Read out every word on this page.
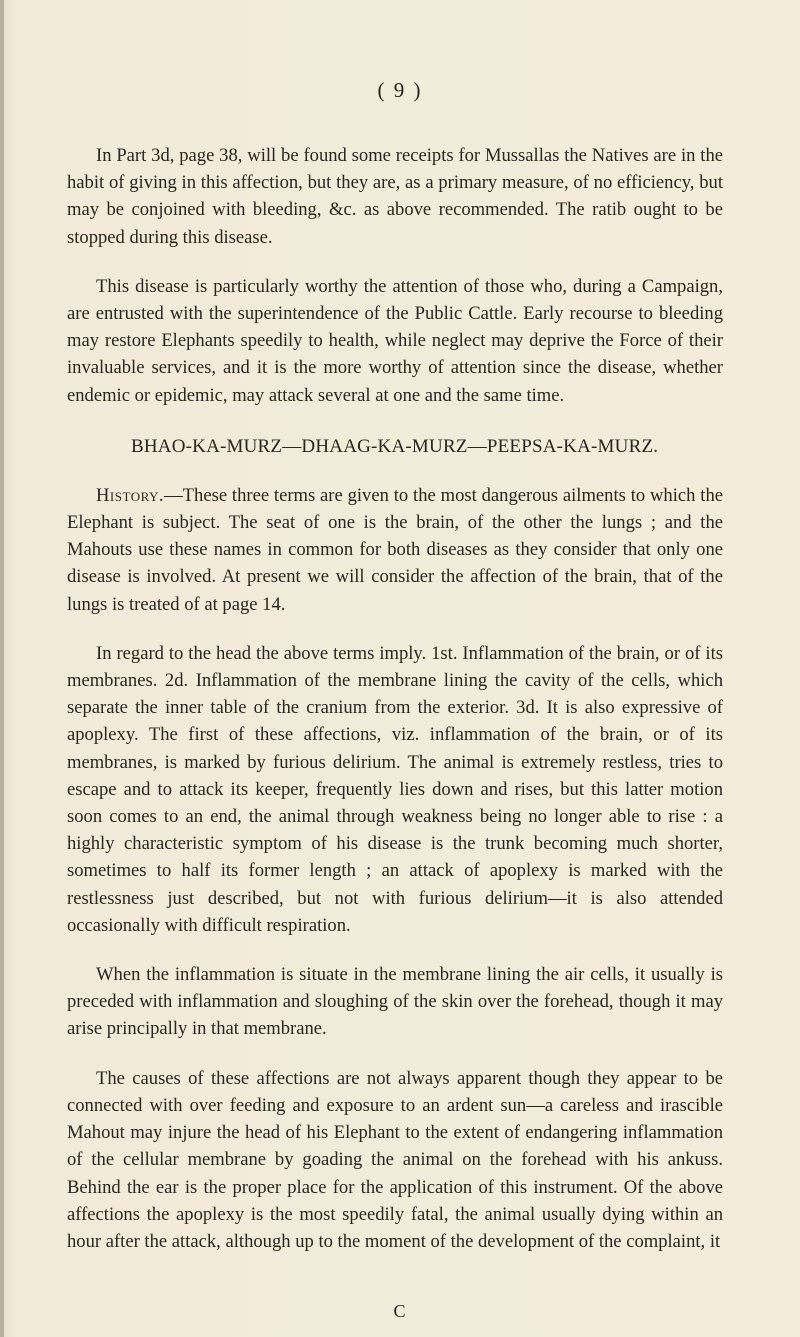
( 9 )

In Part 3d, page 38, will be found some receipts for Mussallas the Natives are in the habit of giving in this affection, but they are, as a primary measure, of no efficiency, but may be conjoined with bleeding, &c. as above recommended. The ratib ought to be stopped during this disease.

This disease is particularly worthy the attention of those who, during a Campaign, are entrusted with the superintendence of the Public Cattle. Early recourse to bleeding may restore Elephants speedily to health, while neglect may deprive the Force of their invaluable services, and it is the more worthy of attention since the disease, whether endemic or epidemic, may attack several at one and the same time.

BHAO-KA-MURZ—DHAAG-KA-MURZ—PEEPSA-KA-MURZ.

History.—These three terms are given to the most dangerous ailments to which the Elephant is subject. The seat of one is the brain, of the other the lungs ; and the Mahouts use these names in common for both diseases as they consider that only one disease is involved. At present we will consider the affection of the brain, that of the lungs is treated of at page 14.

In regard to the head the above terms imply. 1st. Inflammation of the brain, or of its membranes. 2d. Inflammation of the membrane lining the cavity of the cells, which separate the inner table of the cranium from the exterior. 3d. It is also expressive of apoplexy. The first of these affections, viz. inflammation of the brain, or of its membranes, is marked by furious delirium. The animal is extremely restless, tries to escape and to attack its keeper, frequently lies down and rises, but this latter motion soon comes to an end, the animal through weakness being no longer able to rise : a highly characteristic symptom of his disease is the trunk becoming much shorter, sometimes to half its former length ; an attack of apoplexy is marked with the restlessness just described, but not with furious delirium—it is also attended occasionally with difficult respiration.

When the inflammation is situate in the membrane lining the air cells, it usually is preceded with inflammation and sloughing of the skin over the forehead, though it may arise principally in that membrane.

The causes of these affections are not always apparent though they appear to be connected with over feeding and exposure to an ardent sun—a careless and irascible Mahout may injure the head of his Elephant to the extent of endangering inflammation of the cellular membrane by goading the animal on the forehead with his ankuss. Behind the ear is the proper place for the application of this instrument. Of the above affections the apoplexy is the most speedily fatal, the animal usually dying within an hour after the attack, although up to the moment of the development of the complaint, it

C
